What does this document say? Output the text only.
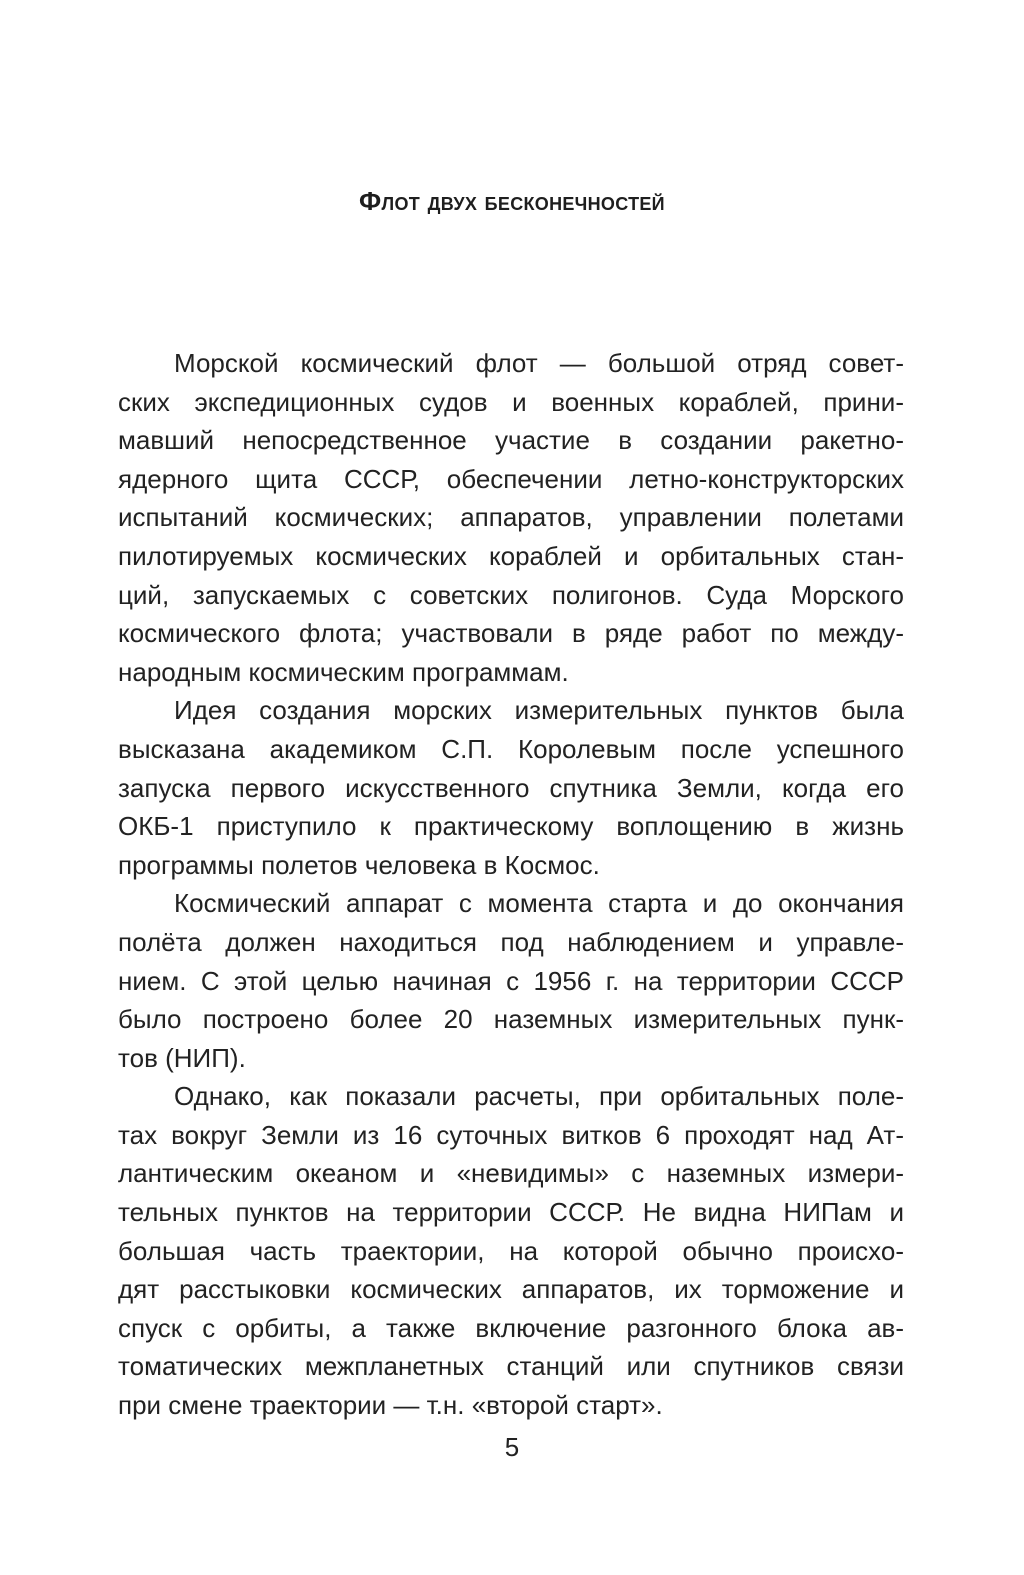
Флот двух бесконечностей
Морской космический флот — большой отряд совет-
ских экспедиционных судов и военных кораблей, прини-
мавший непосредственное участие в создании ракетно-
ядерного щита СССР, обеспечении летно-конструкторских
испытаний космических; аппаратов, управлении полетами
пилотируемых космических кораблей и орбитальных стан-
ций, запускаемых с советских полигонов. Суда Морского
космического флота; участвовали в ряде работ по между-
народным космическим программам.
Идея создания морских измерительных пунктов была
высказана академиком С.П. Королевым после успешного
запуска первого искусственного спутника Земли, когда его
ОКБ-1 приступило к практическому воплощению в жизнь
программы полетов человека в Космос.
Космический аппарат с момента старта и до окончания
полёта должен находиться под наблюдением и управле-
нием. С этой целью начиная с 1956 г. на территории СССР
было построено более 20 наземных измерительных пунк-
тов (НИП).
Однако, как показали расчеты, при орбитальных поле-
тах вокруг Земли из 16 суточных витков 6 проходят над Ат-
лантическим океаном и «невидимы» с наземных измери-
тельных пунктов на территории СССР. Не видна НИПам и
большая часть траектории, на которой обычно происхо-
дят расстыковки космических аппаратов, их торможение и
спуск с орбиты, а также включение разгонного блока ав-
томатических межпланетных станций или спутников связи
при смене траектории — т.н. «второй старт».
5
